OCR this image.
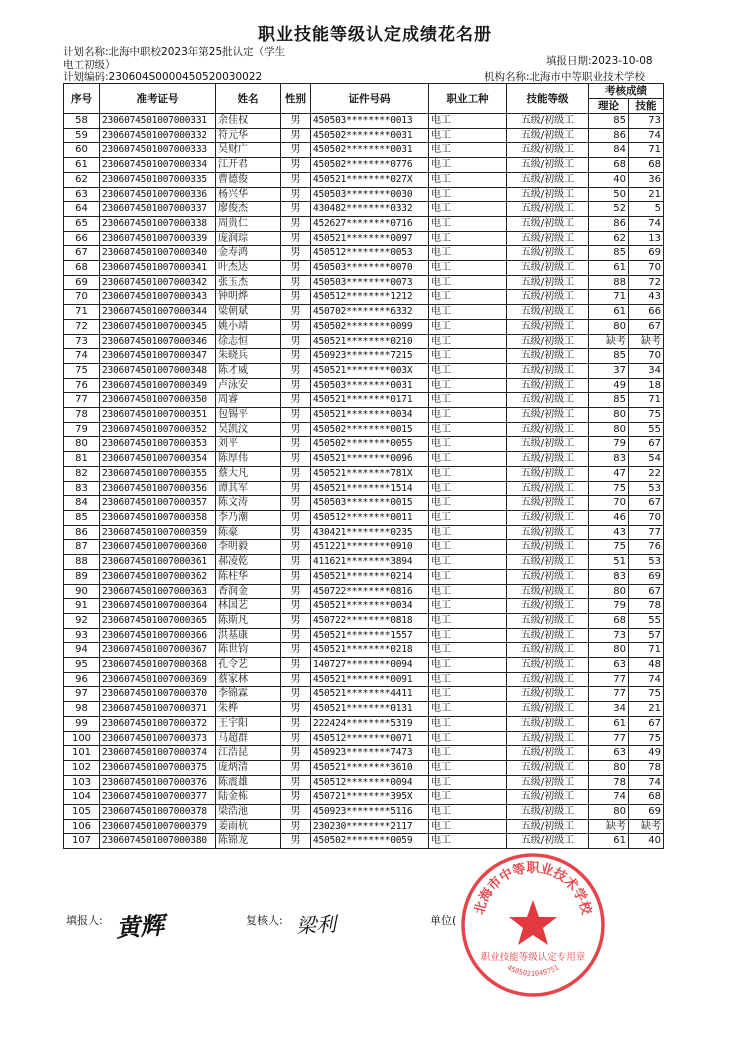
职业技能等级认定成绩花名册
计划名称:北海中职校2023年第25批认定（学生
电工初级）
计划编码:230604S0000450520030022
填报日期:2023-10-08
机构名称:北海市中等职业技术学校
序号	准考证号	姓名	性别	证件号码	职业工种	技能等级	考核成绩	
							理论	技能
58	2306074501007000331	余佳权	男	450503********0013	电工	五级/初级工	85	73
59	2306074501007000332	符元华	男	450502********0031	电工	五级/初级工	86	74
60	2306074501007000333	吴财广	男	450502********0031	电工	五级/初级工	84	71
61	2306074501007000334	江开君	男	450502********0776	电工	五级/初级工	68	68
62	2306074501007000335	曹德俊	男	450521********027X	电工	五级/初级工	40	36
63	2306074501007000336	杨兴华	男	450503********0030	电工	五级/初级工	50	21
64	2306074501007000337	廖俊杰	男	430482********0332	电工	五级/初级工	52	5
65	2306074501007000338	周贵仁	男	452627********0716	电工	五级/初级工	86	74
66	2306074501007000339	庞润琮	男	450521********0097	电工	五级/初级工	62	13
67	2306074501007000340	金寿鸿	男	450512********0053	电工	五级/初级工	85	69
68	2306074501007000341	叶杰达	男	450503********0070	电工	五级/初级工	61	70
69	2306074501007000342	张玉杰	男	450503********0073	电工	五级/初级工	88	72
70	2306074501007000343	钟明烨	男	450512********1212	电工	五级/初级工	71	43
71	2306074501007000344	梁朝斌	男	450702********6332	电工	五级/初级工	61	66
72	2306074501007000345	姚小靖	男	450502********0099	电工	五级/初级工	80	67
73	2306074501007000346	徐志恒	男	450521********0210	电工	五级/初级工	缺考	缺考
74	2306074501007000347	朱晓兵	男	450923********7215	电工	五级/初级工	85	70
75	2306074501007000348	陈才威	男	450521********003X	电工	五级/初级工	37	34
76	2306074501007000349	卢泳安	男	450503********0031	电工	五级/初级工	49	18
77	2306074501007000350	周睿	男	450521********0171	电工	五级/初级工	85	71
78	2306074501007000351	包锡平	男	450521********0034	电工	五级/初级工	80	75
79	2306074501007000352	吴凯汶	男	450502********0015	电工	五级/初级工	80	55
80	2306074501007000353	刘平	男	450502********0055	电工	五级/初级工	79	67
81	2306074501007000354	陈厚伟	男	450521********0096	电工	五级/初级工	83	54
82	2306074501007000355	蔡大凡	男	450521********781X	电工	五级/初级工	47	22
83	2306074501007000356	谭其军	男	450521********1514	电工	五级/初级工	75	53
84	2306074501007000357	陈文涛	男	450503********0015	电工	五级/初级工	70	67
85	2306074501007000358	李乃潮	男	450512********0011	电工	五级/初级工	46	70
86	2306074501007000359	陈豪	男	430421********0235	电工	五级/初级工	43	77
87	2306074501007000360	李明毅	男	451221********0910	电工	五级/初级工	75	76
88	2306074501007000361	郝凌乾	男	411621********3894	电工	五级/初级工	51	53
89	2306074501007000362	陈柱华	男	450521********0214	电工	五级/初级工	83	69
90	2306074501007000363	香润金	男	450722********0816	电工	五级/初级工	80	67
91	2306074501007000364	林国艺	男	450521********0034	电工	五级/初级工	79	78
92	2306074501007000365	陈斯凡	男	450722********0818	电工	五级/初级工	68	55
93	2306074501007000366	洪基康	男	450521********1557	电工	五级/初级工	73	57
94	2306074501007000367	陈世钧	男	450521********0218	电工	五级/初级工	80	71
95	2306074501007000368	孔令艺	男	140727********0094	电工	五级/初级工	63	48
96	2306074501007000369	蔡家林	男	450521********0091	电工	五级/初级工	77	74
97	2306074501007000370	李锦霖	男	450521********4411	电工	五级/初级工	77	75
98	2306074501007000371	朱桦	男	450521********0131	电工	五级/初级工	34	21
99	2306074501007000372	王宇阳	男	222424********5319	电工	五级/初级工	61	67
100	2306074501007000373	马超群	男	450512********0071	电工	五级/初级工	77	75
101	2306074501007000374	江浩昆	男	450923********7473	电工	五级/初级工	63	49
102	2306074501007000375	庞炳清	男	450521********3610	电工	五级/初级工	80	78
103	2306074501007000376	陈震雄	男	450512********0094	电工	五级/初级工	78	74
104	2306074501007000377	陆金栋	男	450721********395X	电工	五级/初级工	74	68
105	2306074501007000378	梁浩池	男	450923********5116	电工	五级/初级工	80	69
106	2306074501007000379	姜雨杭	男	230230********2117	电工	五级/初级工	缺考	缺考
107	2306074501007000380	陈锦龙	男	450502********0059	电工	五级/初级工	61	40
填报人: 黄辉	复核人: 梁利	单位(
北海市中等职业技术学校
职业技能等级认定专用章
4505021049751
